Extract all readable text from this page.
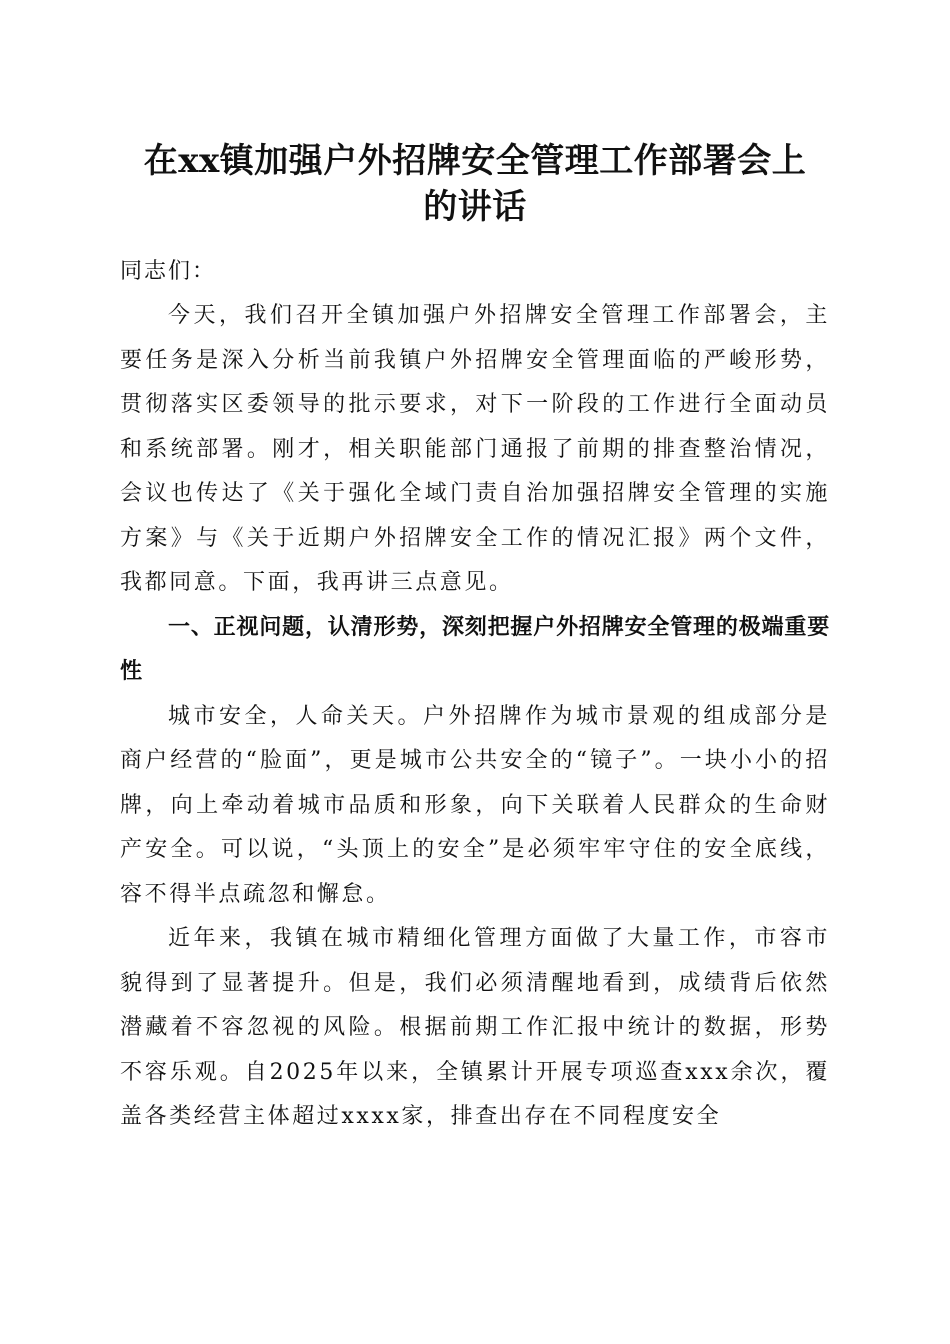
在xx镇加强户外招牌安全管理工作部署会上
的讲话

同志们：

今天，我们召开全镇加强户外招牌安全管理工作部署会，主要任务是深入分析当前我镇户外招牌安全管理面临的严峻形势，贯彻落实区委领导的批示要求，对下一阶段的工作进行全面动员和系统部署。刚才，相关职能部门通报了前期的排查整治情况，会议也传达了《关于强化全域门责自治加强招牌安全管理的实施方案》与《关于近期户外招牌安全工作的情况汇报》两个文件，我都同意。下面，我再讲三点意见。

一、正视问题，认清形势，深刻把握户外招牌安全管理的极端重要性

城市安全，人命关天。户外招牌作为城市景观的组成部分是商户经营的“脸面”，更是城市公共安全的“镜子”。一块小小的招牌，向上牵动着城市品质和形象，向下关联着人民群众的生命财产安全。可以说，“头顶上的安全”是必须牢牢守住的安全底线，容不得半点疏忽和懈怠。

近年来，我镇在城市精细化管理方面做了大量工作，市容市貌得到了显著提升。但是，我们必须清醒地看到，成绩背后依然潜藏着不容忽视的风险。根据前期工作汇报中统计的数据，形势不容乐观。自2025年以来，全镇累计开展专项巡查xxx余次，覆盖各类经营主体超过xxxx家，排查出存在不同程度安全
